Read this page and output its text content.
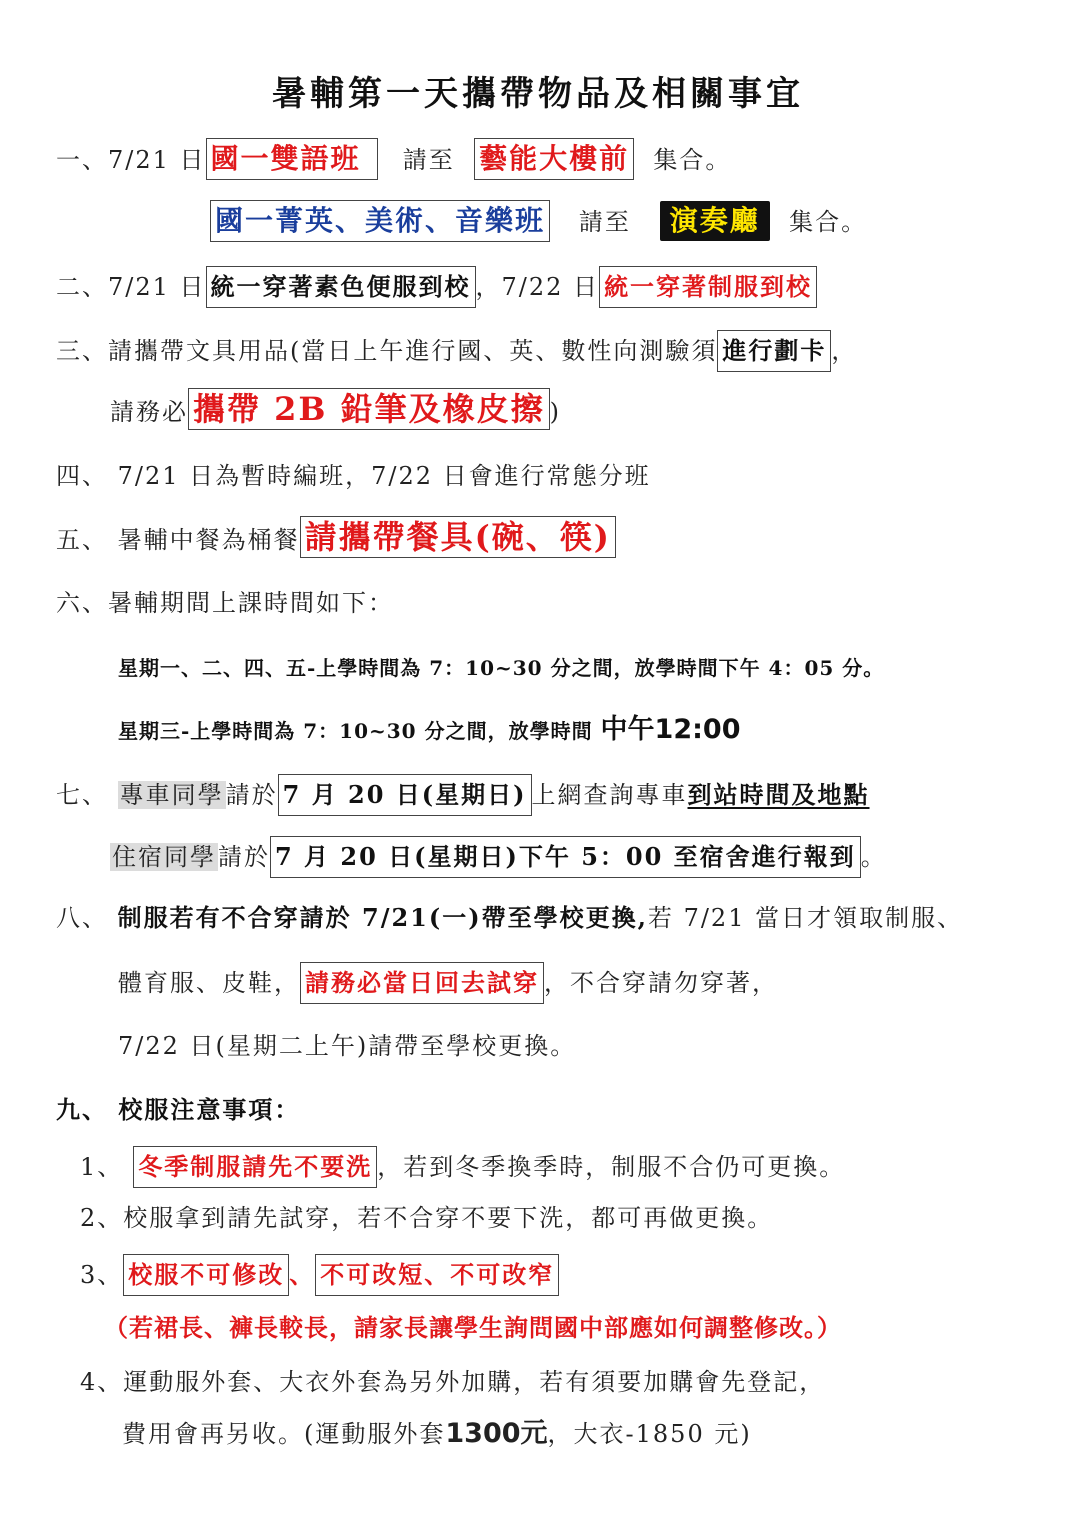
暑輔第一天攜帶物品及相關事宜
一、7/21 日 國一雙語班 請至 藝能大樓前 集合。
國一菁英、美術、音樂班 請至 演奏廳 集合。
二、7/21 日 統一穿著素色便服到校 ，7/22 日 統一穿著制服到校
三、請攜帶文具用品(當日上午進行國、英、數性向測驗須 進行劃卡 ，
請務必 攜帶 2B 鉛筆及橡皮擦 )
四、 7/21 日為暫時編班，7/22 日會進行常態分班
五、 暑輔中餐為桶餐 請攜帶餐具(碗、筷)
六、暑輔期間上課時間如下：
星期一、二、四、五-上學時間為 7：10~30 分之間，放學時間下午 4：05 分。
星期三-上學時間為 7：10~30 分之間，放學時間 中午12:00
七、 專車同學請於 7 月 20 日(星期日) 上網查詢專車到站時間及地點
住宿同學請於 7 月 20 日(星期日)下午 5：00 至宿舍進行報到 。
八、 制服若有不合穿請於 7/21(一)帶至學校更換,若 7/21 當日才領取制服、
體育服、皮鞋， 請務必當日回去試穿 ，不合穿請勿穿著，
7/22 日(星期二上午)請帶至學校更換。
九、 校服注意事項：
1、 冬季制服請先不要洗 ，若到冬季換季時，制服不合仍可更換。
2、校服拿到請先試穿，若不合穿不要下洗，都可再做更換。
3、 校服不可修改 、 不可改短、不可改窄
（若裙長、褲長較長，請家長讓學生詢問國中部應如何調整修改。）
4、運動服外套、大衣外套為另外加購，若有須要加購會先登記，
費用會再另收。(運動服外套1300元，大衣-1850 元)
